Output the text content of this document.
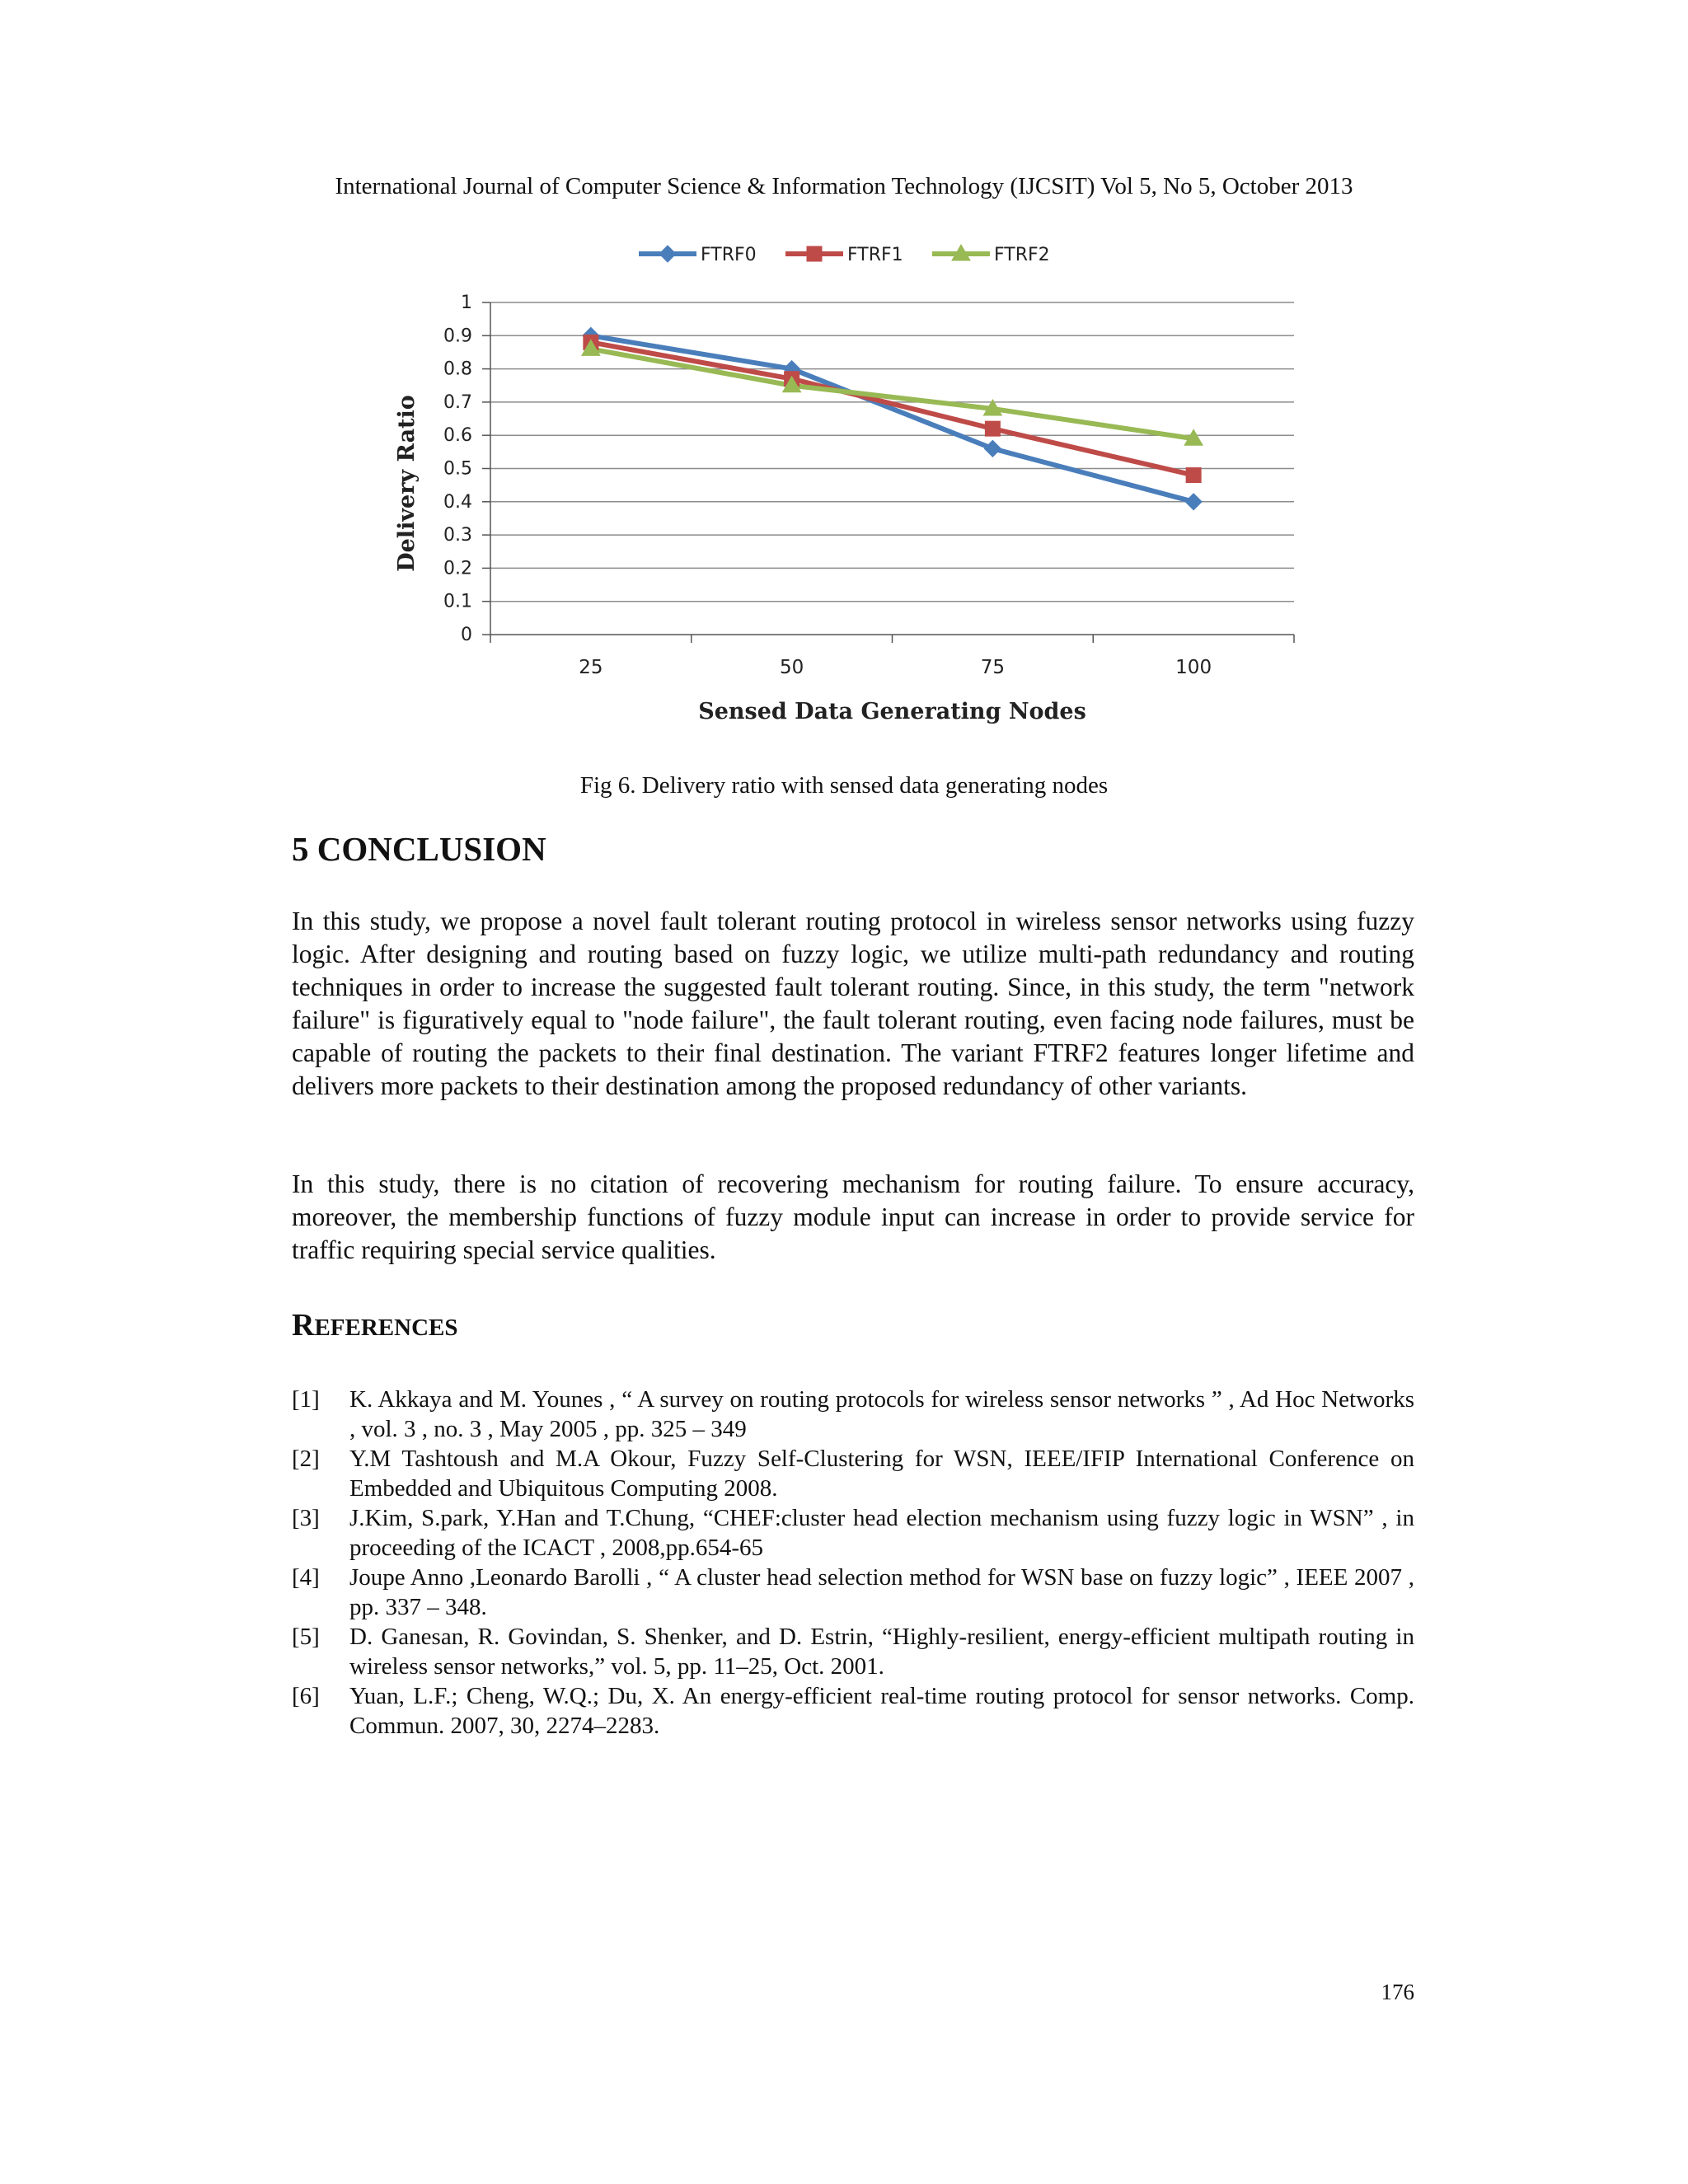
International Journal of Computer Science & Information Technology (IJCSIT) Vol 5, No 5, October 2013
0
0.1
0.2
0.3
0.4
0.5
0.6
0.7
0.8
0.9
1
25	50	75	100
Sensed Data Generating Nodes
Delivery Ratio
FTRF0	FTRF1	FTRF2
Fig 6. Delivery ratio with sensed data generating nodes
5 CONCLUSION

In this study, we propose a novel fault tolerant routing protocol in wireless sensor networks using fuzzy logic. After designing and routing based on fuzzy logic, we utilize multi-path redundancy and routing techniques in order to increase the suggested fault tolerant routing. Since, in this study, the term "network failure" is figuratively equal to "node failure", the fault tolerant routing, even facing node failures, must be capable of routing the packets to their final destination. The variant FTRF2 features longer lifetime and delivers more packets to their destination among the proposed redundancy of other variants.

In this study, there is no citation of recovering mechanism for routing failure. To ensure accuracy, moreover, the membership functions of fuzzy module input can increase in order to provide service for traffic requiring special service qualities.

REFERENCES
[1]	K. Akkaya and M. Younes , “ A survey on routing protocols for wireless sensor networks ” , Ad Hoc Networks , vol. 3 , no. 3 , May 2005 , pp. 325 – 349
[2]	Y.M Tashtoush and M.A Okour, Fuzzy Self-Clustering for WSN, IEEE/IFIP International Conference on Embedded and Ubiquitous Computing 2008.
[3]	J.Kim, S.park, Y.Han and T.Chung, “CHEF:cluster head election mechanism using fuzzy logic in WSN” , in proceeding of the ICACT , 2008,pp.654-65
[4]	Joupe Anno ,Leonardo Barolli , “ A cluster head selection method for WSN base on fuzzy logic” , IEEE 2007 , pp. 337 – 348.
[5]	D. Ganesan, R. Govindan, S. Shenker, and D. Estrin, “Highly-resilient, energy-efficient multipath routing in wireless sensor networks,” vol. 5, pp. 11–25, Oct. 2001.
[6]	Yuan, L.F.; Cheng, W.Q.; Du, X. An energy-efficient real-time routing protocol for sensor networks. Comp. Commun. 2007, 30, 2274–2283.
176
